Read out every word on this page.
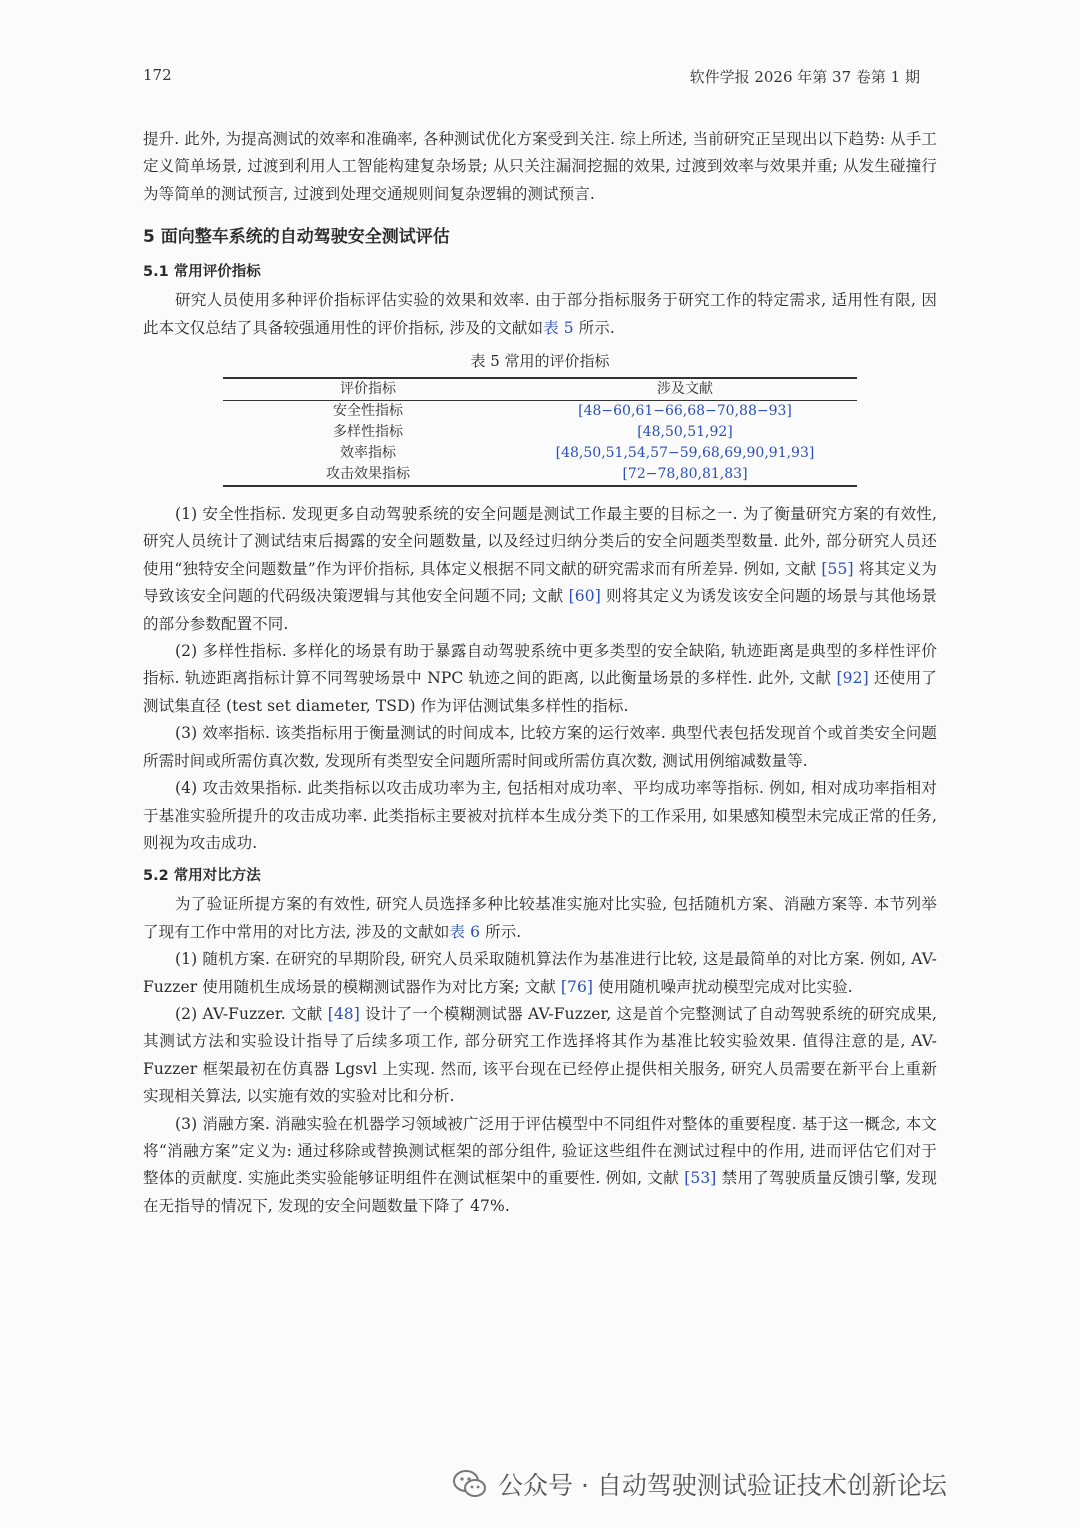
172	软件学报 2026 年第 37 卷第 1 期

提升. 此外, 为提高测试的效率和准确率, 各种测试优化方案受到关注. 综上所述, 当前研究正呈现出以下趋势: 从手工定义简单场景, 过渡到利用人工智能构建复杂场景; 从只关注漏洞挖掘的效果, 过渡到效率与效果并重; 从发生碰撞行为等简单的测试预言, 过渡到处理交通规则间复杂逻辑的测试预言.

5 面向整车系统的自动驾驶安全测试评估
5.1 常用评价指标

研究人员使用多种评价指标评估实验的效果和效率. 由于部分指标服务于研究工作的特定需求, 适用性有限, 因此本文仅总结了具备较强通用性的评价指标, 涉及的文献如表 5 所示.

表 5 常用的评价指标
评价指标	涉及文献
安全性指标	[48−60,61−66,68−70,88−93]
多样性指标	[48,50,51,92]
效率指标	[48,50,51,54,57−59,68,69,90,91,93]
攻击效果指标	[72−78,80,81,83]

(1) 安全性指标. 发现更多自动驾驶系统的安全问题是测试工作最主要的目标之一. 为了衡量研究方案的有效性, 研究人员统计了测试结束后揭露的安全问题数量, 以及经过归纳分类后的安全问题类型数量. 此外, 部分研究人员还使用“独特安全问题数量”作为评价指标, 具体定义根据不同文献的研究需求而有所差异. 例如, 文献 [55] 将其定义为导致该安全问题的代码级决策逻辑与其他安全问题不同; 文献 [60] 则将其定义为诱发该安全问题的场景与其他场景的部分参数配置不同.

(2) 多样性指标. 多样化的场景有助于暴露自动驾驶系统中更多类型的安全缺陷, 轨迹距离是典型的多样性评价指标. 轨迹距离指标计算不同驾驶场景中 NPC 轨迹之间的距离, 以此衡量场景的多样性. 此外, 文献 [92] 还使用了测试集直径 (test set diameter, TSD) 作为评估测试集多样性的指标.

(3) 效率指标. 该类指标用于衡量测试的时间成本, 比较方案的运行效率. 典型代表包括发现首个或首类安全问题所需时间或所需仿真次数, 发现所有类型安全问题所需时间或所需仿真次数, 测试用例缩减数量等.

(4) 攻击效果指标. 此类指标以攻击成功率为主, 包括相对成功率、平均成功率等指标. 例如, 相对成功率指相对于基准实验所提升的攻击成功率. 此类指标主要被对抗样本生成分类下的工作采用, 如果感知模型未完成正常的任务, 则视为攻击成功.

5.2 常用对比方法

为了验证所提方案的有效性, 研究人员选择多种比较基准实施对比实验, 包括随机方案、消融方案等. 本节列举了现有工作中常用的对比方法, 涉及的文献如表 6 所示.

(1) 随机方案. 在研究的早期阶段, 研究人员采取随机算法作为基准进行比较, 这是最简单的对比方案. 例如, AV-Fuzzer 使用随机生成场景的模糊测试器作为对比方案; 文献 [76] 使用随机噪声扰动模型完成对比实验.

(2) AV-Fuzzer. 文献 [48] 设计了一个模糊测试器 AV-Fuzzer, 这是首个完整测试了自动驾驶系统的研究成果, 其测试方法和实验设计指导了后续多项工作, 部分研究工作选择将其作为基准比较实验效果. 值得注意的是, AV-Fuzzer 框架最初在仿真器 Lgsvl 上实现. 然而, 该平台现在已经停止提供相关服务, 研究人员需要在新平台上重新实现相关算法, 以实施有效的实验对比和分析.

(3) 消融方案. 消融实验在机器学习领域被广泛用于评估模型中不同组件对整体的重要程度. 基于这一概念, 本文将“消融方案”定义为: 通过移除或替换测试框架的部分组件, 验证这些组件在测试过程中的作用, 进而评估它们对于整体的贡献度. 实施此类实验能够证明组件在测试框架中的重要性. 例如, 文献 [53] 禁用了驾驶质量反馈引擎, 发现在无指导的情况下, 发现的安全问题数量下降了 47%.

公众号 · 自动驾驶测试验证技术创新论坛
